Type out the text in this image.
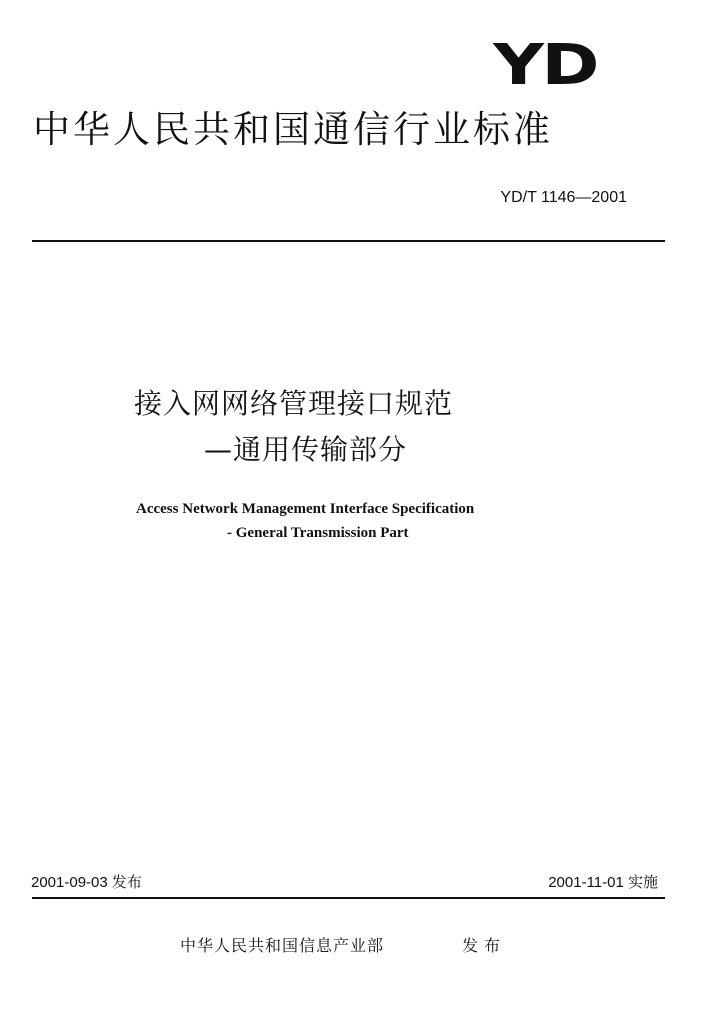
YD
中华人民共和国通信行业标准
YD/T 1146—2001
接入网网络管理接口规范
—通用传输部分
Access Network Management Interface Specification
- General Transmission Part
2001-09-03 发布	2001-11-01 实施
中华人民共和国信息产业部	发布
